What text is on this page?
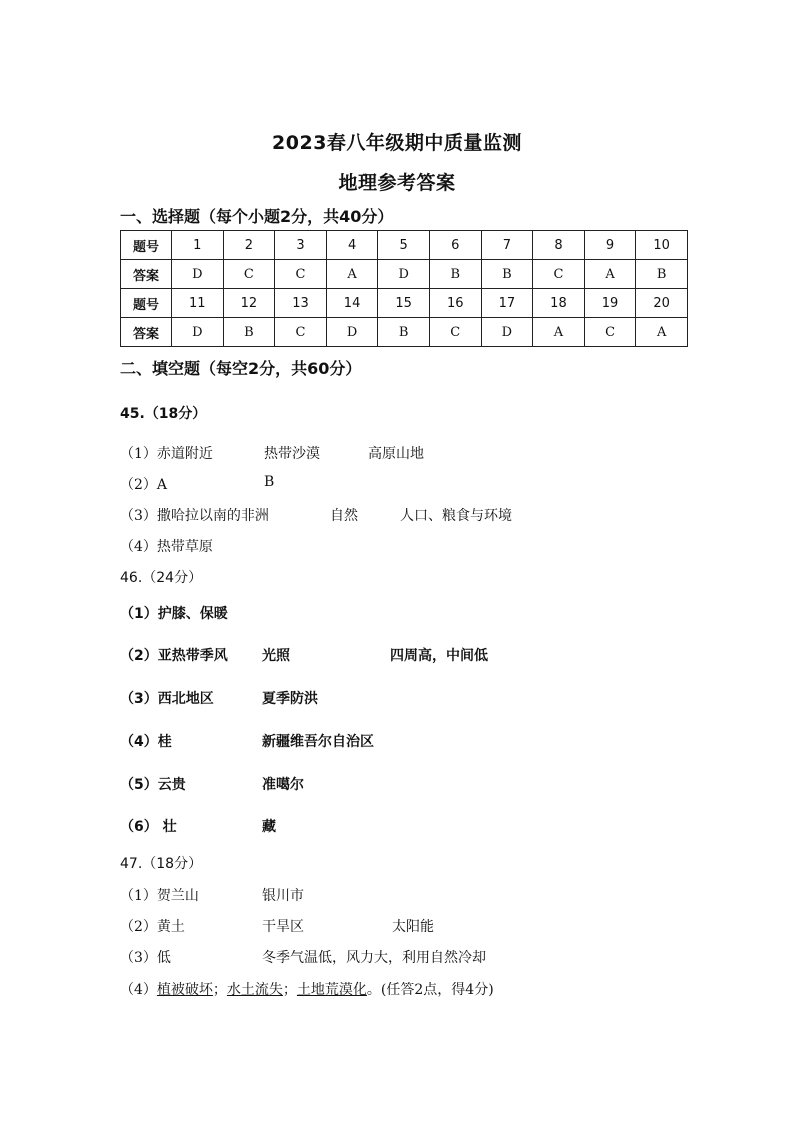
2023春八年级期中质量监测
地理参考答案
一、选择题（每个小题2分，共40分）
题号	1	2	3	4	5	6	7	8	9	10
答案	D	C	C	A	D	B	B	C	A	B
题号	11	12	13	14	15	16	17	18	19	20
答案	D	B	C	D	B	C	D	A	C	A
二、填空题（每空2分，共60分）
45.（18分）
（1）赤道附近	热带沙漠	高原山地
（2）A	B
（3）撒哈拉以南的非洲	自然	人口、粮食与环境
（4）热带草原
46.（24分）
（1）护膝、保暖
（2）亚热带季风 光照	四周高，中间低
（3）西北地区	夏季防洪
（4）桂	新疆维吾尔自治区
（5）云贵	准噶尔
（6） 壮	藏
47.（18分）
（1）贺兰山	银川市
（2）黄土	干旱区	太阳能
（3）低	冬季气温低，风力大，利用自然冷却
（4）植被破坏；水土流失；土地荒漠化。(任答2点，得4分)
